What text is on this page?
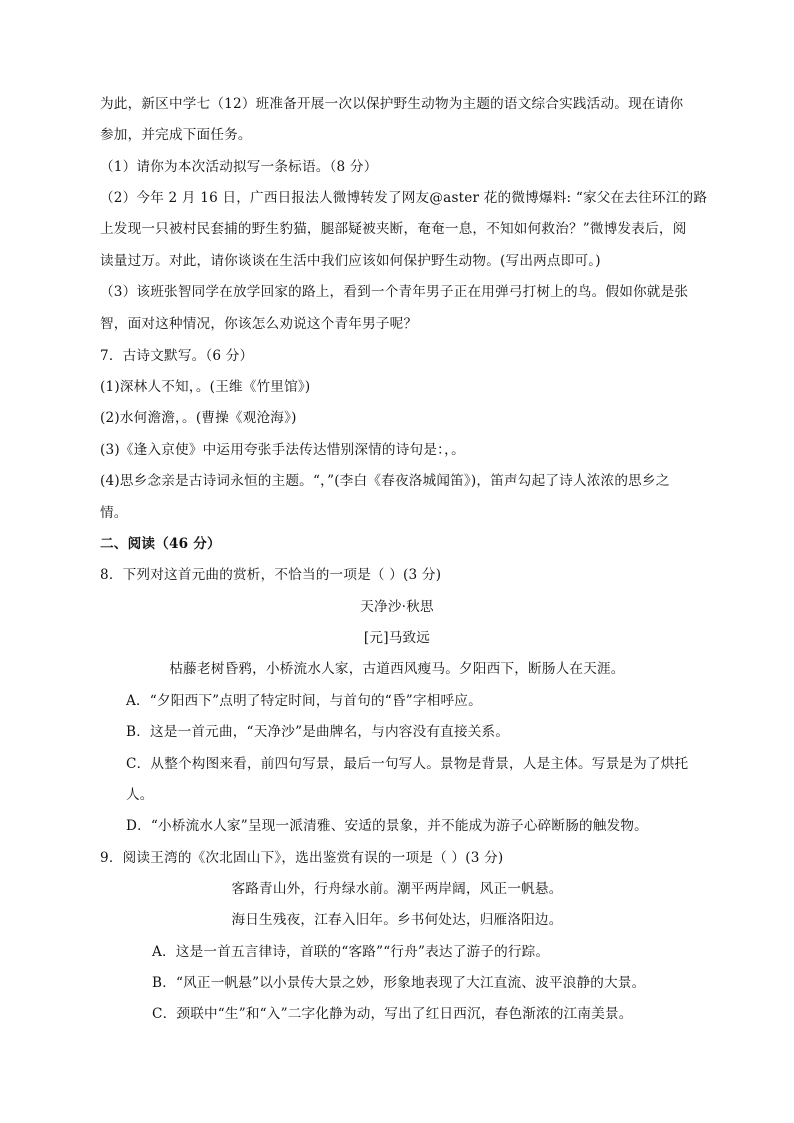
为此，新区中学七（12）班准备开展一次以保护野生动物为主题的语文综合实践活动。现在请你
参加，并完成下面任务。
（1）请你为本次活动拟写一条标语。（8 分）
（2）今年 2 月 16 日，广西日报法人微博转发了网友@aster 花的微博爆料: “家父在去往环江的路
上发现一只被村民套捕的野生豹猫，腿部疑被夹断，奄奄一息，不知如何救治？”微博发表后，阅
读量过万。对此，请你谈谈在生活中我们应该如何保护野生动物。(写出两点即可。)
（3）该班张智同学在放学回家的路上，看到一个青年男子正在用弹弓打树上的鸟。假如你就是张
智，面对这种情况，你该怎么劝说这个青年男子呢？
7．古诗文默写。（6 分）
(1)深林人不知，。(王维《竹里馆》)
(2)水何澹澹，。(曹操《观沧海》)
(3)《逢入京使》中运用夸张手法传达惜别深情的诗句是：，。
(4)思乡念亲是古诗词永恒的主题。“，”(李白《春夜洛城闻笛》)，笛声勾起了诗人浓浓的思乡之
情。
二、阅读（46 分）
8．下列对这首元曲的赏析，不恰当的一项是（ ）(3 分)
天净沙·秋思
[元]马致远
枯藤老树昏鸦，小桥流水人家，古道西风瘦马。夕阳西下，断肠人在天涯。
A．“夕阳西下”点明了特定时间，与首句的“昏”字相呼应。
B．这是一首元曲，“天净沙”是曲牌名，与内容没有直接关系。
C．从整个构图来看，前四句写景，最后一句写人。景物是背景，人是主体。写景是为了烘托
人。
D．“小桥流水人家”呈现一派清雅、安适的景象，并不能成为游子心碎断肠的触发物。
9．阅读王湾的《次北固山下》，选出鉴赏有误的一项是（ ）(3 分)
客路青山外，行舟绿水前。潮平两岸阔，风正一帆悬。
海日生残夜，江春入旧年。乡书何处达，归雁洛阳边。
A．这是一首五言律诗，首联的“客路”“行舟”表达了游子的行踪。
B．“风正一帆悬”以小景传大景之妙，形象地表现了大江直流、波平浪静的大景。
C．颈联中“生”和“入”二字化静为动，写出了红日西沉，春色渐浓的江南美景。
